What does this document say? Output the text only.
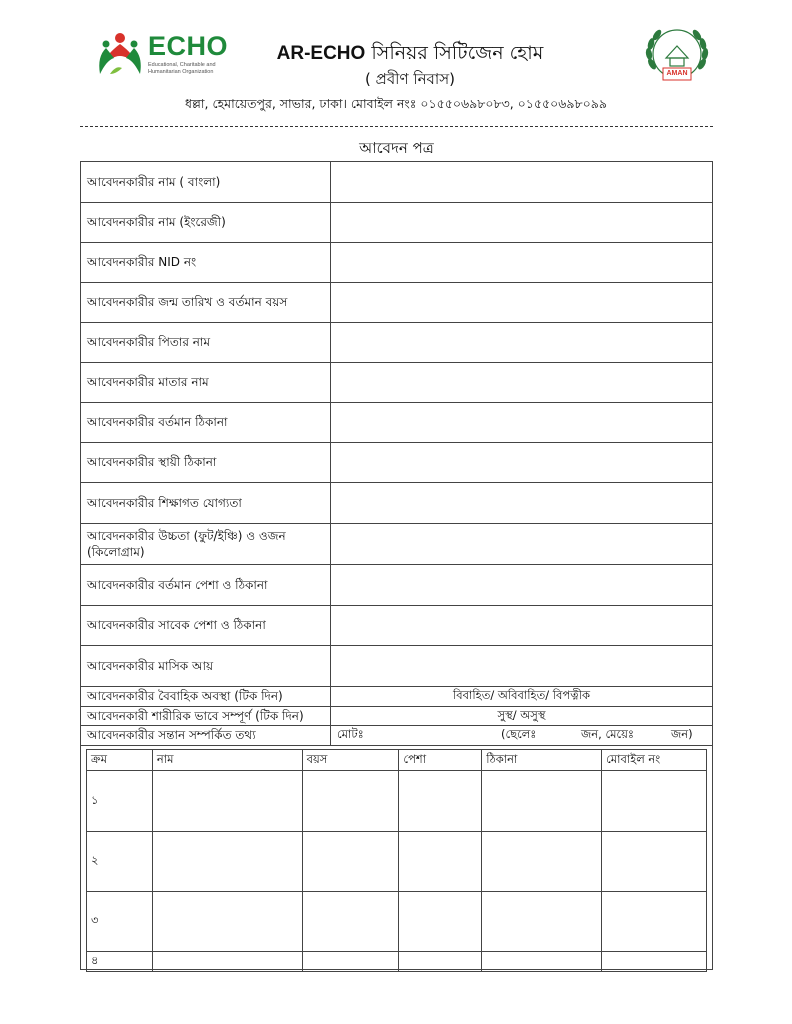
ECHO
Educational, Charitable and Humanitarian Organization	AMAN
AR-ECHO সিনিয়র সিটিজেন হোম
( প্রবীণ নিবাস)
ধল্লা, হেমায়েতপুর, সাভার, ঢাকা। মোবাইল নংঃ ০১৫৫০৬৯৮০৮৩, ০১৫৫০৬৯৮০৯৯
আবেদন পত্র
আবেদনকারীর নাম ( বাংলা)
আবেদনকারীর নাম (ইংরেজী)
আবেদনকারীর NID নং
আবেদনকারীর জন্ম তারিখ ও বর্তমান বয়স
আবেদনকারীর পিতার নাম
আবেদনকারীর মাতার নাম
আবেদনকারীর বর্তমান ঠিকানা
আবেদনকারীর স্থায়ী ঠিকানা
আবেদনকারীর শিক্ষাগত যোগ্যতা
আবেদনকারীর উচ্চতা (ফুট/ইঞ্চি) ও ওজন (কিলোগ্রাম)
আবেদনকারীর বর্তমান পেশা ও ঠিকানা
আবেদনকারীর সাবেক পেশা ও ঠিকানা
আবেদনকারীর মাসিক আয়
আবেদনকারীর বৈবাহিক অবস্থা (টিক দিন)	বিবাহিত/ অবিবাহিত/ বিপত্নীক
আবেদনকারী শারীরিক ভাবে সম্পূর্ণ (টিক দিন)	সুস্থ/ অসুস্থ
আবেদনকারীর সন্তান সম্পর্কিত তথ্য	মোটঃ	(ছেলেঃ	জন, মেয়েঃ	জন)
ক্রম	নাম	বয়স	পেশা	ঠিকানা	মোবাইল নং
১					
২					
৩					
৪					
